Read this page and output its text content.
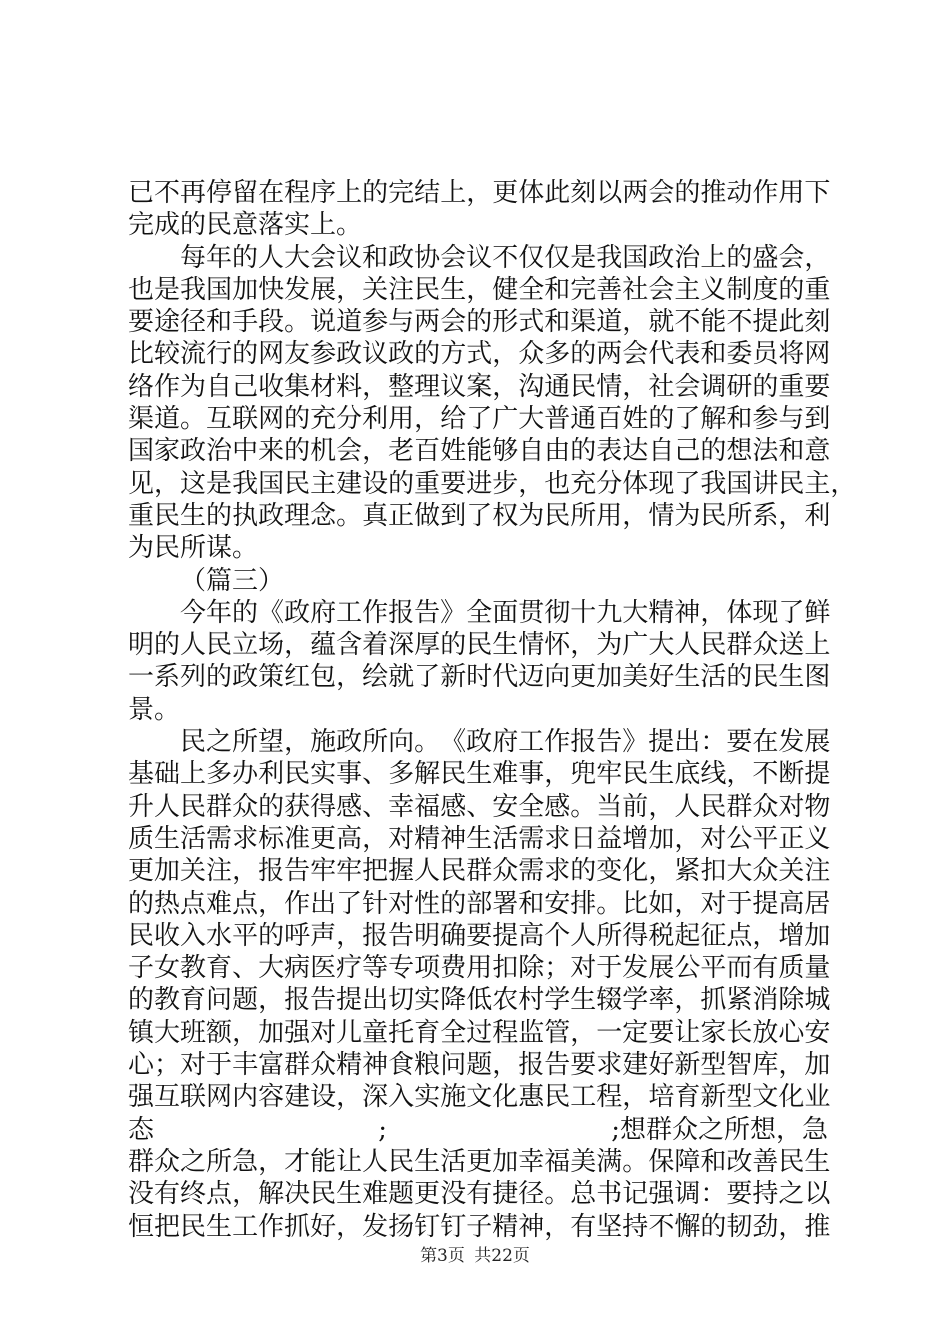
已 不 再 停 留 在 程 序 上 的 完 结 上 ， 更 体 此 刻 以 两 会 的 推 动 作 用 下
完成的民意落实上。
每 年 的 人 大 会 议 和 政 协 会 议 不 仅 仅 是 我 国 政 治 上 的 盛 会 ，
也 是 我 国 加 快 发 展 ， 关 注 民 生 ， 健 全 和 完 善 社 会 主 义 制 度 的 重
要 途 径 和 手 段 。 说 道 参 与 两 会 的 形 式 和 渠 道 ， 就 不 能 不 提 此 刻
比 较 流 行 的 网 友 参 政 议 政 的 方 式 ， 众 多 的 两 会 代 表 和 委 员 将 网
络 作 为 自 己 收 集 材 料 ， 整 理 议 案 ， 沟 通 民 情 ， 社 会 调 研 的 重 要
渠 道 。 互 联 网 的 充 分 利 用 ， 给 了 广 大 普 通 百 姓 的 了 解 和 参 与 到
国 家 政 治 中 来 的 机 会 ， 老 百 姓 能 够 自 由 的 表 达 自 己 的 想 法 和 意
见 ， 这 是 我 国 民 主 建 设 的 重 要 进 步 ， 也 充 分 体 现 了 我 国 讲 民 主 ，
重 民 生 的 执 政 理 念 。 真 正 做 到 了 权 为 民 所 用 ， 情 为 民 所 系 ， 利
为民所谋。
（篇三）
今 年 的 《 政 府 工 作 报 告 》 全 面 贯 彻 十 九 大 精 神 ， 体 现 了 鲜
明 的 人 民 立 场 ， 蕴 含 着 深 厚 的 民 生 情 怀 ， 为 广 大 人 民 群 众 送 上
一 系 列 的 政 策 红 包 ， 绘 就 了 新 时 代 迈 向 更 加 美 好 生 活 的 民 生 图
景。
民 之 所 望 ， 施 政 所 向 。 《 政 府 工 作 报 告 》 提 出 ： 要 在 发 展
基 础 上 多 办 利 民 实 事 、 多 解 民 生 难 事 ， 兜 牢 民 生 底 线 ， 不 断 提
升 人 民 群 众 的 获 得 感 、 幸 福 感 、 安 全 感 。 当 前 ， 人 民 群 众 对 物
质 生 活 需 求 标 准 更 高 ， 对 精 神 生 活 需 求 日 益 增 加 ， 对 公 平 正 义
更 加 关 注 ， 报 告 牢 牢 把 握 人 民 群 众 需 求 的 变 化 ， 紧 扣 大 众 关 注
的 热 点 难 点 ， 作 出 了 针 对 性 的 部 署 和 安 排 。 比 如 ， 对 于 提 高 居
民 收 入 水 平 的 呼 声 ， 报 告 明 确 要 提 高 个 人 所 得 税 起 征 点 ， 增 加
子 女 教 育 、 大 病 医 疗 等 专 项 费 用 扣 除 ； 对 于 发 展 公 平 而 有 质 量
的 教 育 问 题 ， 报 告 提 出 切 实 降 低 农 村 学 生 辍 学 率 ， 抓 紧 消 除 城
镇 大 班 额 ， 加 强 对 儿 童 托 育 全 过 程 监 管 ， 一 定 要 让 家 长 放 心 安
心 ； 对 于 丰 富 群 众 精 神 食 粮 问 题 ， 报 告 要 求 建 好 新 型 智 库 ， 加
强 互 联 网 内 容 建 设 ， 深 入 实 施 文 化 惠 民 工 程 ， 培 育 新 型 文 化 业
态	;	;想群众之所想，急
群 众 之 所 急 ， 才 能 让 人 民 生 活 更 加 幸 福 美 满 。 保 障 和 改 善 民 生
没 有 终 点 ， 解 决 民 生 难 题 更 没 有 捷 径 。 总 书 记 强 调 ： 要 持 之 以
恒 把 民 生 工 作 抓 好 ， 发 扬 钉 钉 子 精 神 ， 有 坚 持 不 懈 的 韧 劲 ， 推
第3页 共22页
